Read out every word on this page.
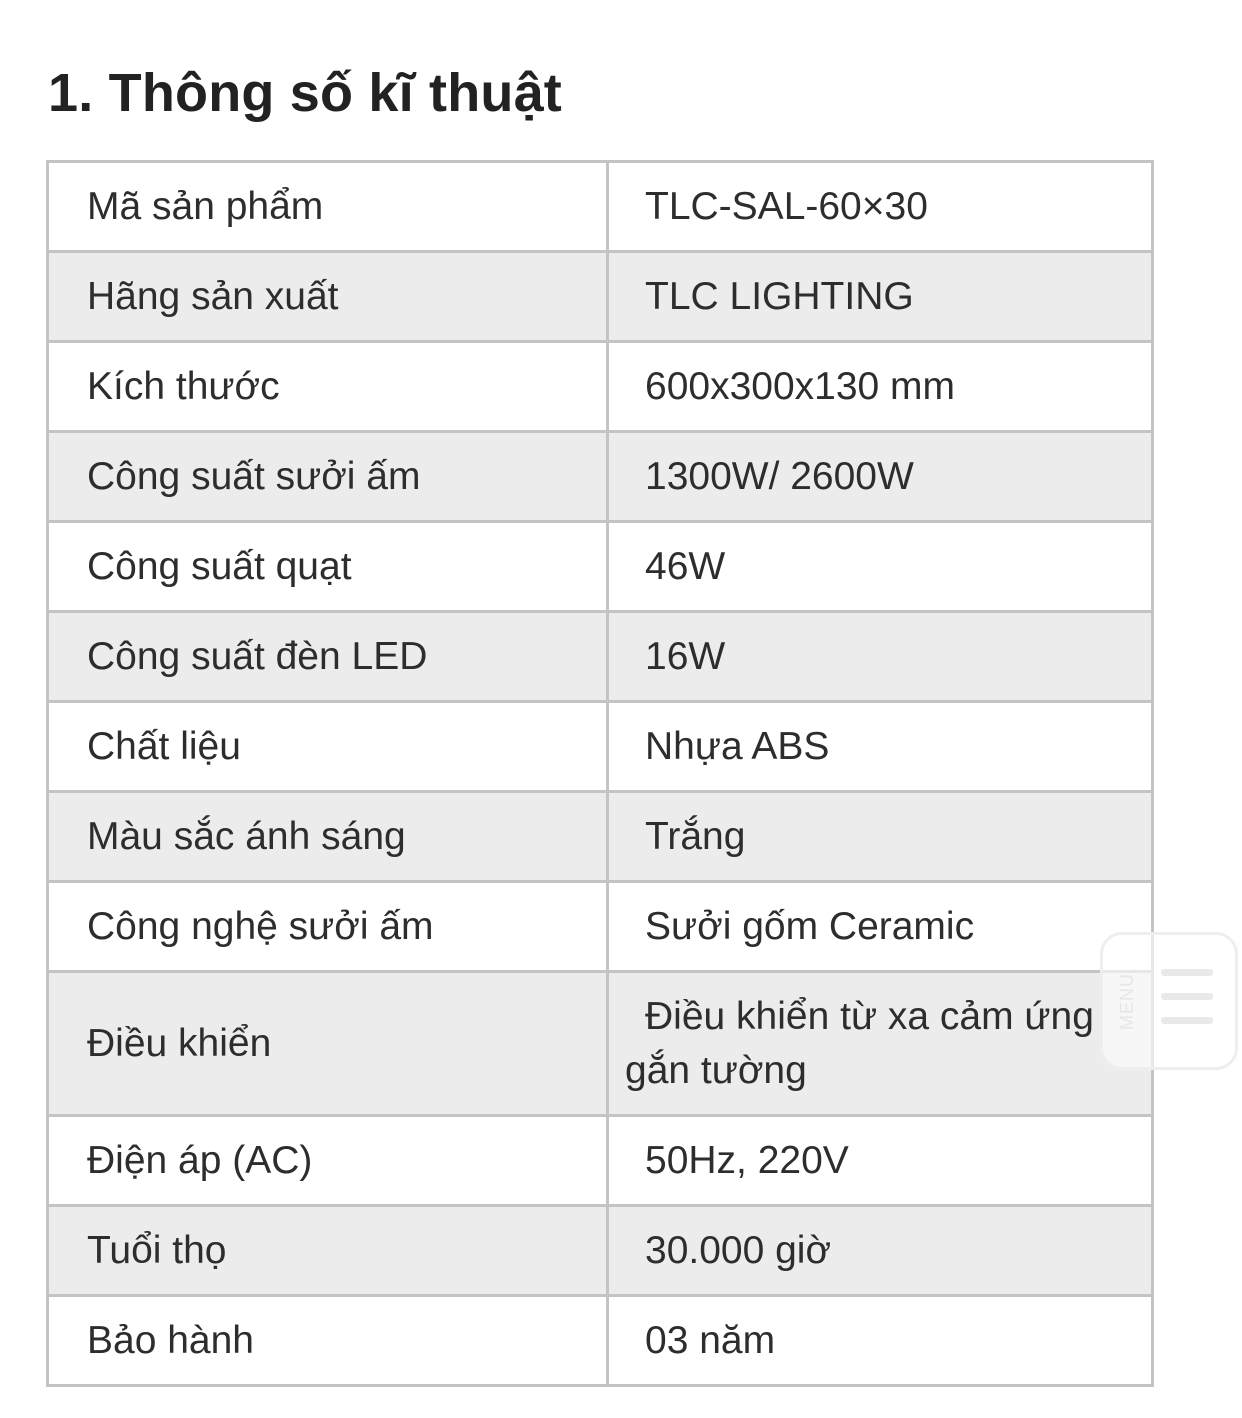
1. Thông số kĩ thuật
Mã sản phẩm	TLC-SAL-60×30
Hãng sản xuất	TLC LIGHTING
Kích thước	600x300x130 mm
Công suất sưởi ấm	1300W/ 2600W
Công suất quạt	46W
Công suất đèn LED	16W
Chất liệu	Nhựa ABS
Màu sắc ánh sáng	Trắng
Công nghệ sưởi ấm	Sưởi gốm Ceramic
Điều khiển	Điều khiển từ xa cảm ứng gắn tường
Điện áp (AC)	50Hz, 220V
Tuổi thọ	30.000 giờ
Bảo hành	03 năm
MENU
